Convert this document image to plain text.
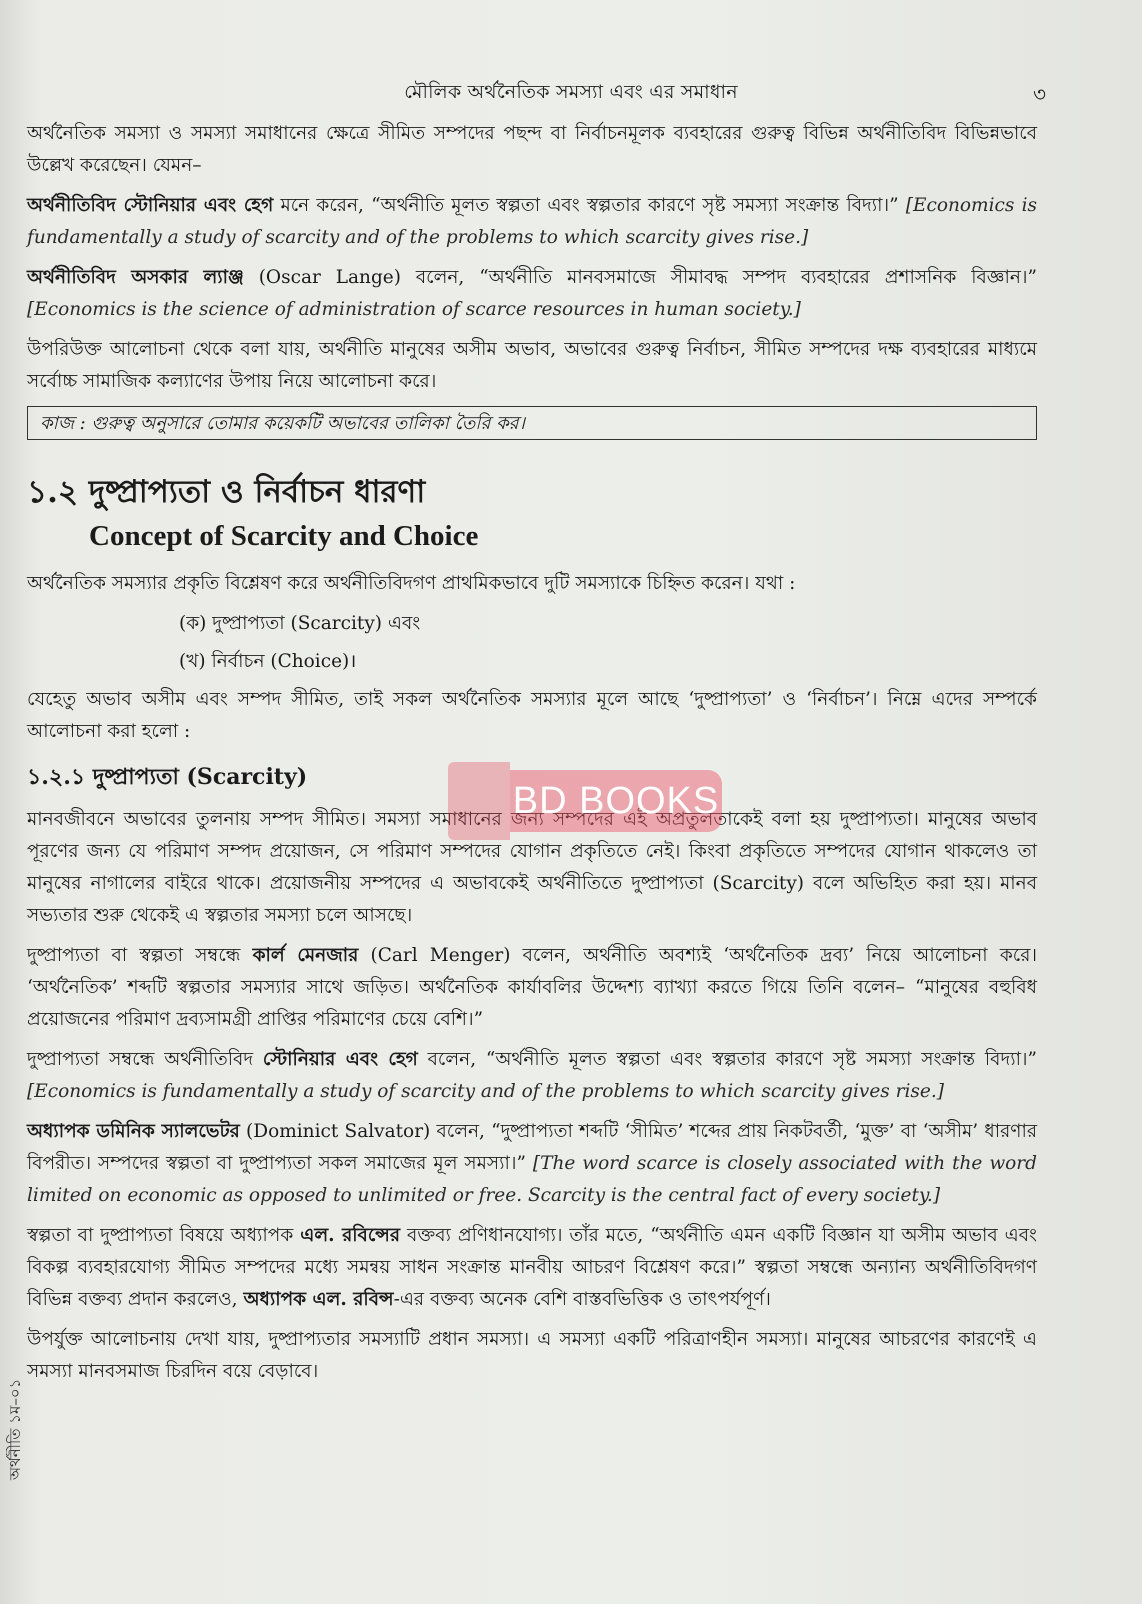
মৌলিক অর্থনৈতিক সমস্যা এবং এর সমাধান	৩

অর্থনৈতিক সমস্যা ও সমস্যা সমাধানের ক্ষেত্রে সীমিত সম্পদের পছন্দ বা নির্বাচনমূলক ব্যবহারের গুরুত্ব বিভিন্ন অর্থনীতিবিদ বিভিন্নভাবে উল্লেখ করেছেন। যেমন–

অর্থনীতিবিদ স্টোনিয়ার এবং হেগ মনে করেন, “অর্থনীতি মূলত স্বল্পতা এবং স্বল্পতার কারণে সৃষ্ট সমস্যা সংক্রান্ত বিদ্যা।” [Economics is fundamentally a study of scarcity and of the problems to which scarcity gives rise.]

অর্থনীতিবিদ অসকার ল্যাঞ্জ (Oscar Lange) বলেন, “অর্থনীতি মানবসমাজে সীমাবদ্ধ সম্পদ ব্যবহারের প্রশাসনিক বিজ্ঞান।” [Economics is the science of administration of scarce resources in human society.]

উপরিউক্ত আলোচনা থেকে বলা যায়, অর্থনীতি মানুষের অসীম অভাব, অভাবের গুরুত্ব নির্বাচন, সীমিত সম্পদের দক্ষ ব্যবহারের মাধ্যমে সর্বোচ্চ সামাজিক কল্যাণের উপায় নিয়ে আলোচনা করে।

কাজ : গুরুত্ব অনুসারে তোমার কয়েকটি অভাবের তালিকা তৈরি কর।
১.২ দুষ্প্রাপ্যতা ও নির্বাচন ধারণা
Concept of Scarcity and Choice

অর্থনৈতিক সমস্যার প্রকৃতি বিশ্লেষণ করে অর্থনীতিবিদগণ প্রাথমিকভাবে দুটি সমস্যাকে চিহ্নিত করেন। যথা :

(ক) দুষ্প্রাপ্যতা (Scarcity) এবং
(খ) নির্বাচন (Choice)।

যেহেতু অভাব অসীম এবং সম্পদ সীমিত, তাই সকল অর্থনৈতিক সমস্যার মূলে আছে ‘দুষ্প্রাপ্যতা’ ও ‘নির্বাচন’। নিম্নে এদের সম্পর্কে আলোচনা করা হলো :

১.২.১ দুষ্প্রাপ্যতা (Scarcity)

মানবজীবনে অভাবের তুলনায় সম্পদ সীমিত। সমস্যা সমাধানের জন্য সম্পদের এই অপ্রতুলতাকেই বলা হয় দুষ্প্রাপ্যতা। মানুষের অভাব পূরণের জন্য যে পরিমাণ সম্পদ প্রয়োজন, সে পরিমাণ সম্পদের যোগান প্রকৃতিতে নেই। কিংবা প্রকৃতিতে সম্পদের যোগান থাকলেও তা মানুষের নাগালের বাইরে থাকে। প্রয়োজনীয় সম্পদের এ অভাবকেই অর্থনীতিতে দুষ্প্রাপ্যতা (Scarcity) বলে অভিহিত করা হয়। মানব সভ্যতার শুরু থেকেই এ স্বল্পতার সমস্যা চলে আসছে।

দুষ্প্রাপ্যতা বা স্বল্পতা সম্বন্ধে কার্ল মেনজার (Carl Menger) বলেন, অর্থনীতি অবশ্যই ‘অর্থনৈতিক দ্রব্য’ নিয়ে আলোচনা করে। ‘অর্থনৈতিক’ শব্দটি স্বল্পতার সমস্যার সাথে জড়িত। অর্থনৈতিক কার্যাবলির উদ্দেশ্য ব্যাখ্যা করতে গিয়ে তিনি বলেন– “মানুষের বহুবিধ প্রয়োজনের পরিমাণ দ্রব্যসামগ্রী প্রাপ্তির পরিমাণের চেয়ে বেশি।”

দুষ্প্রাপ্যতা সম্বন্ধে অর্থনীতিবিদ স্টোনিয়ার এবং হেগ বলেন, “অর্থনীতি মূলত স্বল্পতা এবং স্বল্পতার কারণে সৃষ্ট সমস্যা সংক্রান্ত বিদ্যা।” [Economics is fundamentally a study of scarcity and of the problems to which scarcity gives rise.]

অধ্যাপক ডমিনিক স্যালভেটর (Dominict Salvator) বলেন, “দুষ্প্রাপ্যতা শব্দটি ‘সীমিত’ শব্দের প্রায় নিকটবর্তী, ‘মুক্ত’ বা ‘অসীম’ ধারণার বিপরীত। সম্পদের স্বল্পতা বা দুষ্প্রাপ্যতা সকল সমাজের মূল সমস্যা।” [The word scarce is closely associated with the word limited on economic as opposed to unlimited or free. Scarcity is the central fact of every society.]

স্বল্পতা বা দুষ্প্রাপ্যতা বিষয়ে অধ্যাপক এল. রবিন্সের বক্তব্য প্রণিধানযোগ্য। তাঁর মতে, “অর্থনীতি এমন একটি বিজ্ঞান যা অসীম অভাব এবং বিকল্প ব্যবহারযোগ্য সীমিত সম্পদের মধ্যে সমন্বয় সাধন সংক্রান্ত মানবীয় আচরণ বিশ্লেষণ করে।” স্বল্পতা সম্বন্ধে অন্যান্য অর্থনীতিবিদগণ বিভিন্ন বক্তব্য প্রদান করলেও, অধ্যাপক এল. রবিন্স-এর বক্তব্য অনেক বেশি বাস্তবভিত্তিক ও তাৎপর্যপূর্ণ।

উপর্যুক্ত আলোচনায় দেখা যায়, দুষ্প্রাপ্যতার সমস্যাটি প্রধান সমস্যা। এ সমস্যা একটি পরিত্রাণহীন সমস্যা। মানুষের আচরণের কারণেই এ সমস্যা মানবসমাজ চিরদিন বয়ে বেড়াবে।

BD BOOKS
অর্থনীতি ১ম–০১
